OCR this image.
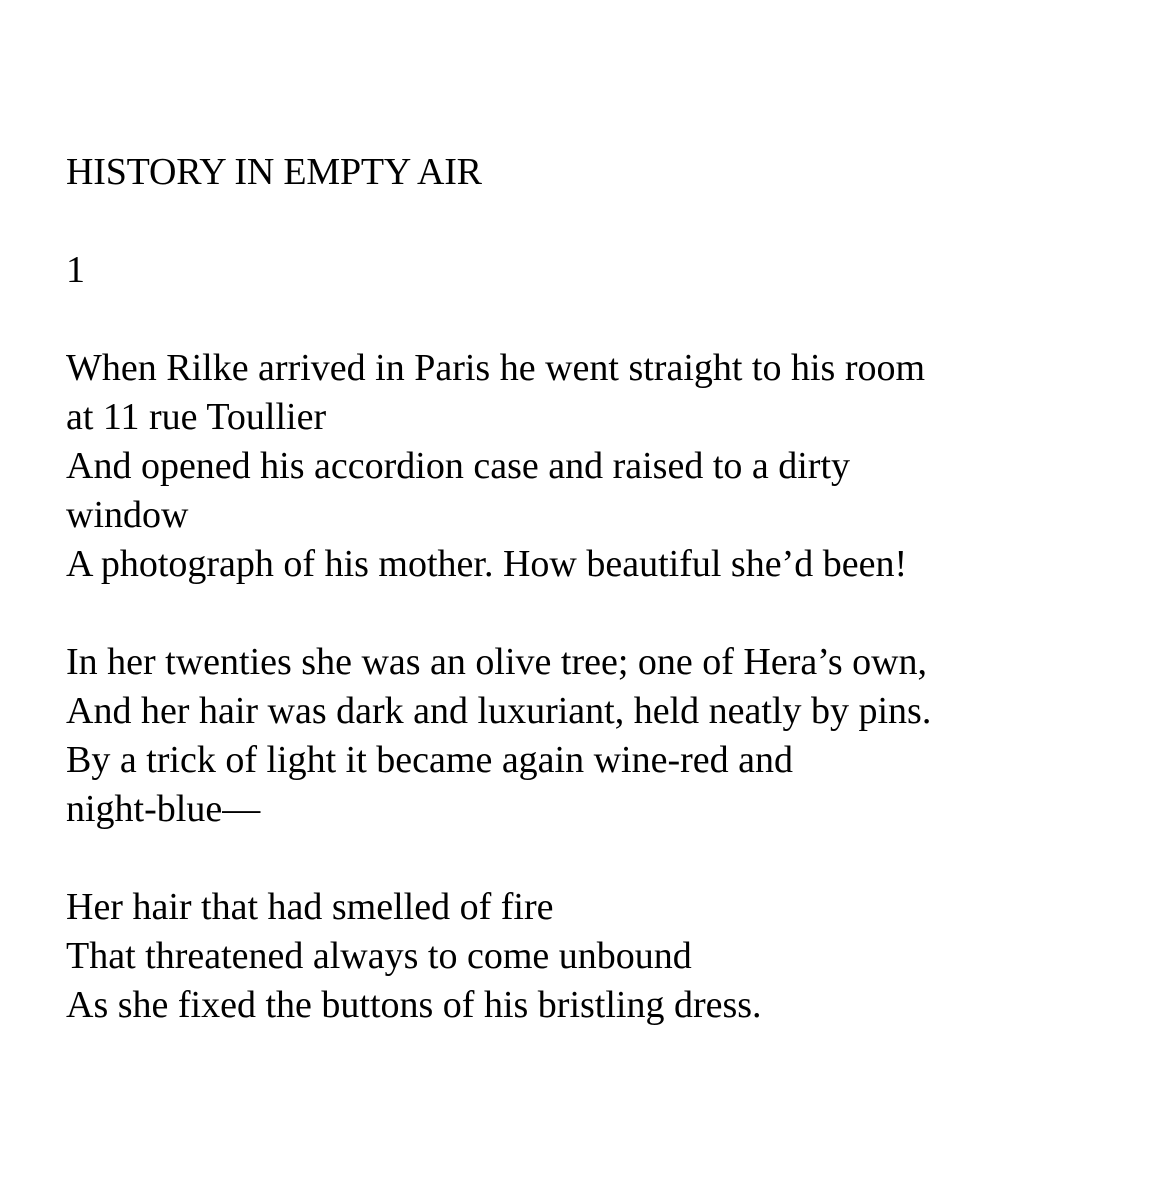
HISTORY IN EMPTY AIR

1

When Rilke arrived in Paris he went straight to his room
at 11 rue Toullier
And opened his accordion case and raised to a dirty
window
A photograph of his mother. How beautiful she’d been!

In her twenties she was an olive tree; one of Hera’s own,
And her hair was dark and luxuriant, held neatly by pins.
By a trick of light it became again wine-red and
night-blue—

Her hair that had smelled of fire
That threatened always to come unbound
As she fixed the buttons of his bristling dress.
